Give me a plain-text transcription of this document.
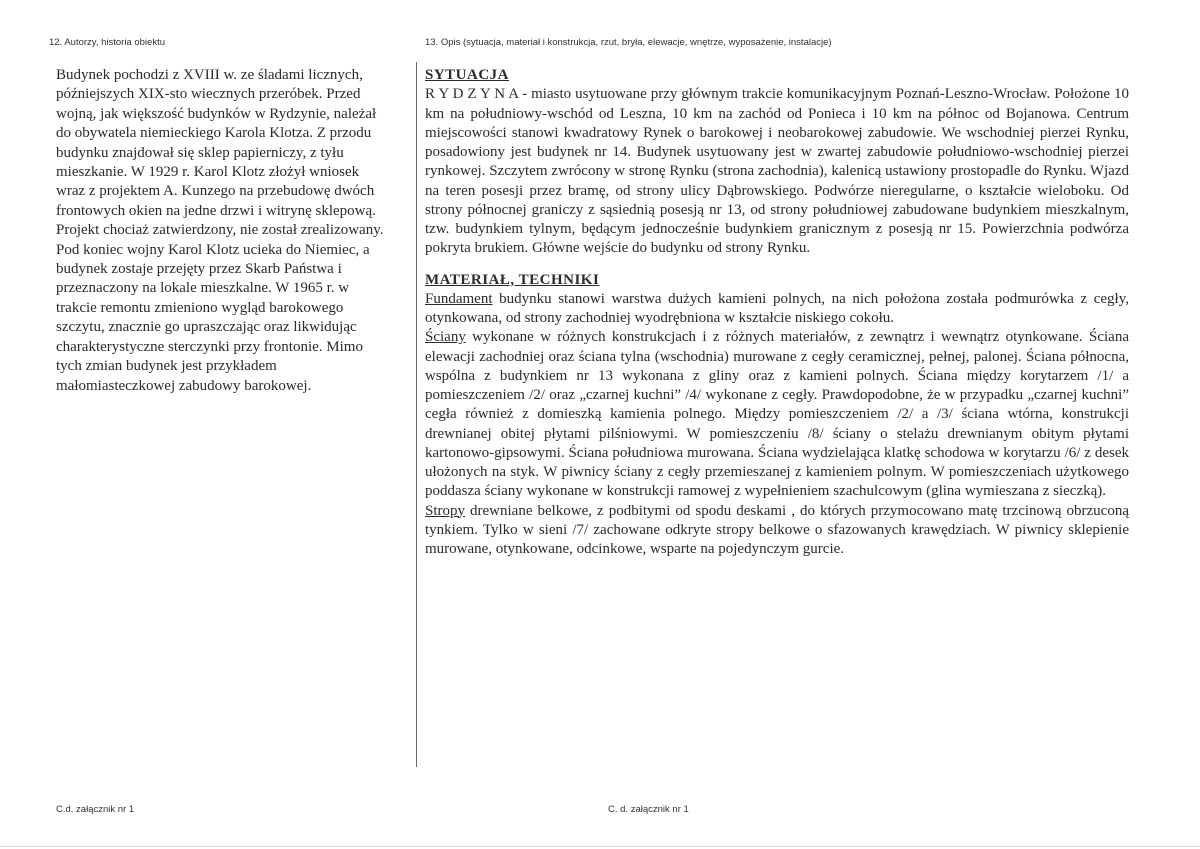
12. Autorzy, historia obiektu	13. Opis (sytuacja, materiał i konstrukcja, rzut, bryła, elewacje, wnętrze, wyposażenie, instalacje)

Budynek pochodzi z XVIII w. ze śladami licznych, późniejszych XIX-sto wiecznych przeróbek. Przed wojną, jak większość budynków w Rydzynie, należał do obywatela niemieckiego Karola Klotza. Z przodu budynku znajdował się sklep papierniczy, z tyłu mieszkanie. W 1929 r. Karol Klotz złożył wniosek wraz z projektem A. Kunzego na przebudowę dwóch frontowych okien na jedne drzwi i witrynę sklepową. Projekt chociaż zatwierdzony, nie został zrealizowany. Pod koniec wojny Karol Klotz ucieka do Niemiec, a budynek zostaje przejęty przez Skarb Państwa i przeznaczony na lokale mieszkalne. W 1965 r. w trakcie remontu zmieniono wygląd barokowego szczytu, znacznie go upraszczając oraz likwidując charakterystyczne sterczynki przy frontonie. Mimo tych zmian budynek jest przykładem małomiasteczkowej zabudowy barokowej.

SYTUACJA

R Y D Z Y N A - miasto usytuowane przy głównym trakcie komunikacyjnym Poznań-Leszno-Wrocław. Położone 10 km na południowy-wschód od Leszna, 10 km na zachód od Ponieca i 10 km na północ od Bojanowa. Centrum miejscowości stanowi kwadratowy Rynek o barokowej i neobarokowej zabudowie. We wschodniej pierzei Rynku, posadowiony jest budynek nr 14. Budynek usytuowany jest w zwartej zabudowie południowo-wschodniej pierzei rynkowej. Szczytem zwrócony w stronę Rynku (strona zachodnia), kalenicą ustawiony prostopadle do Rynku. Wjazd na teren posesji przez bramę, od strony ulicy Dąbrowskiego. Podwórze nieregularne, o kształcie wieloboku. Od strony północnej graniczy z sąsiednią posesją nr 13, od strony południowej zabudowane budynkiem mieszkalnym, tzw. budynkiem tylnym, będącym jednocześnie budynkiem granicznym z posesją nr 15. Powierzchnia podwórza pokryta brukiem. Główne wejście do budynku od strony Rynku.

MATERIAŁ, TECHNIKI

Fundament budynku stanowi warstwa dużych kamieni polnych, na nich położona została podmurówka z cegły, otynkowana, od strony zachodniej wyodrębniona w kształcie niskiego cokołu.

Ściany wykonane w różnych konstrukcjach i z różnych materiałów, z zewnątrz i wewnątrz otynkowane. Ściana elewacji zachodniej oraz ściana tylna (wschodnia) murowane z cegły ceramicznej, pełnej, palonej. Ściana północna, wspólna z budynkiem nr 13 wykonana z gliny oraz z kamieni polnych. Ściana między korytarzem /1/ a pomieszczeniem /2/ oraz „czarnej kuchni” /4/ wykonane z cegły. Prawdopodobne, że w przypadku „czarnej kuchni” cegła również z domieszką kamienia polnego. Między pomieszczeniem /2/ a /3/ ściana wtórna, konstrukcji drewnianej obitej płytami pilśniowymi. W pomieszczeniu /8/ ściany o stelażu drewnianym obitym płytami kartonowo-gipsowymi. Ściana południowa murowana. Ściana wydzielająca klatkę schodowa w korytarzu /6/ z desek ułożonych na styk. W piwnicy ściany z cegły przemieszanej z kamieniem polnym. W pomieszczeniach użytkowego poddasza ściany wykonane w konstrukcji ramowej z wypełnieniem szachulcowym (glina wymieszana z sieczką).

Stropy drewniane belkowe, z podbitymi od spodu deskami , do których przymocowano matę trzcinową obrzuconą tynkiem. Tylko w sieni /7/ zachowane odkryte stropy belkowe o sfazowanych krawędziach. W piwnicy sklepienie murowane, otynkowane, odcinkowe, wsparte na pojedynczym gurcie.

C.d. załącznik nr 1	C. d. załącznik nr 1
